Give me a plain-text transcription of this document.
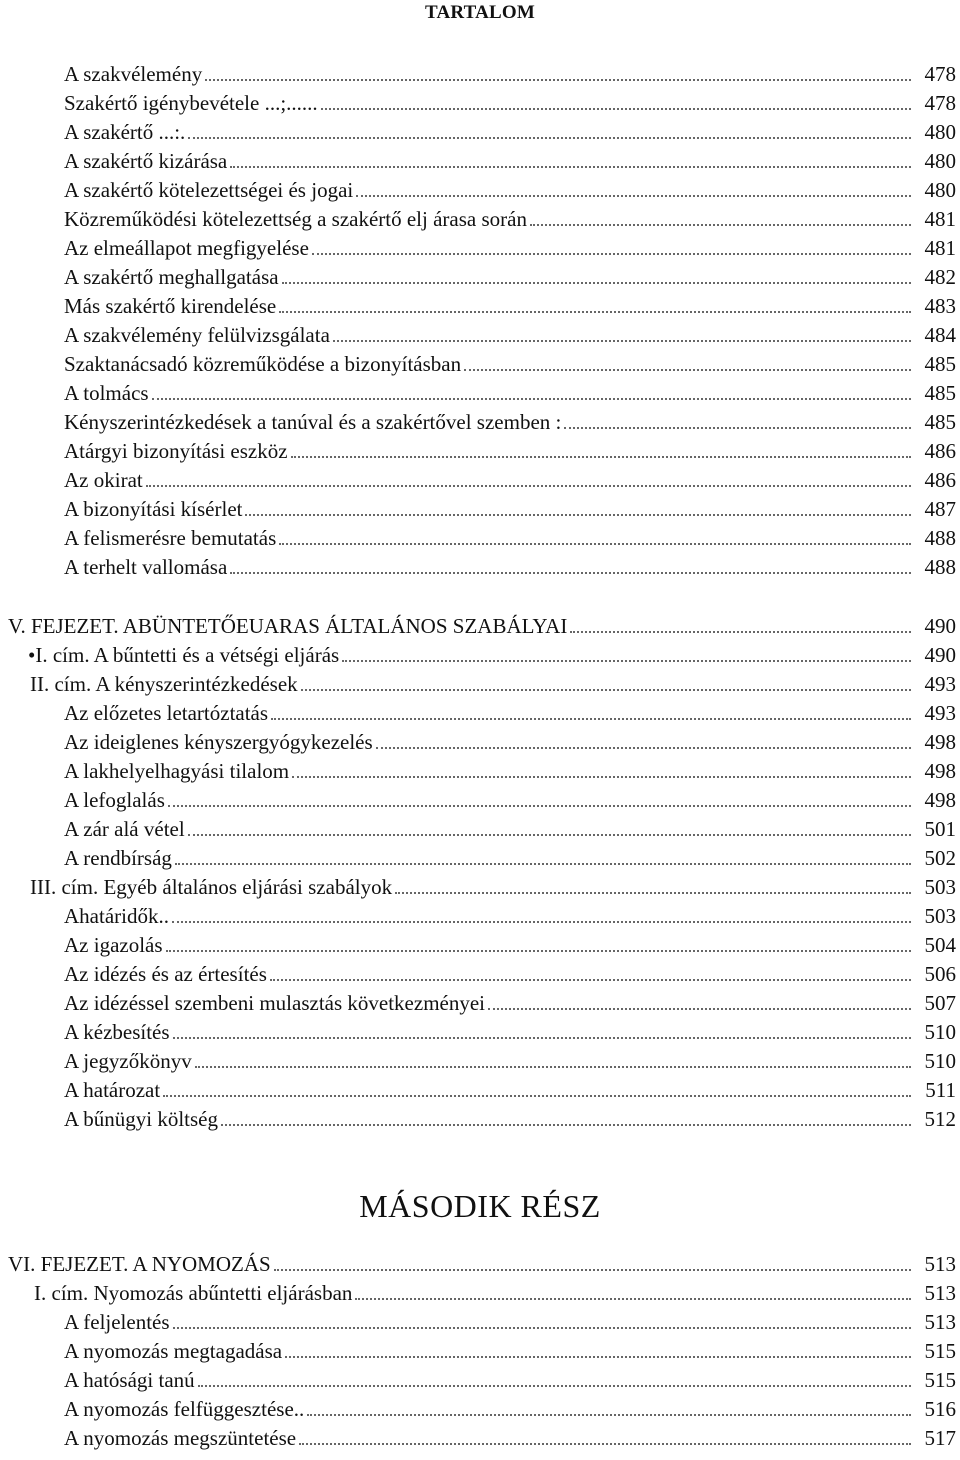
TARTALOM
A szakvélemény	478
Szakértő igénybevétele ...;......	478
A szakértő ...:.	480
A szakértő kizárása	480
A szakértő kötelezettségei és jogai	480
Közreműködési kötelezettség a szakértő elj árasa során	481
Az elmeállapot megfigyelése	481
A szakértő meghallgatása	482
Más szakértő kirendelése	483
A szakvélemény felülvizsgálata	484
Szaktanácsadó közreműködése a bizonyításban	485
A tolmács	485
Kényszerintézkedések a tanúval és a szakértővel szemben :	485
Atárgyi bizonyítási eszköz	486
Az okirat	486
A bizonyítási kísérlet	487
A felismerésre bemutatás	488
A terhelt vallomása	488
V. FEJEZET. ABÜNTETŐEUARAS ÁLTALÁNOS SZABÁLYAI	490
•I. cím. A bűntetti és a vétségi eljárás	490
II. cím. A kényszerintézkedések	493
Az előzetes letartóztatás	493
Az ideiglenes kényszergyógykezelés	498
A lakhelyelhagyási tilalom	498
A lefoglalás	498
A zár alá vétel	501
A rendbírság	502
III. cím. Egyéb általános eljárási szabályok	503
Ahatáridők..	503
Az igazolás	504
Az idézés és az értesítés	506
Az idézéssel szembeni mulasztás következményei	507
A kézbesítés	510
A jegyzőkönyv	510
A határozat	511
A bűnügyi költség	512
MÁSODIK RÉSZ
VI. FEJEZET. A NYOMOZÁS	513
I. cím. Nyomozás abűntetti eljárásban	513
A feljelentés	513
A nyomozás megtagadása	515
A hatósági tanú	515
A nyomozás felfüggesztése..	516
A nyomozás megszüntetése	517
